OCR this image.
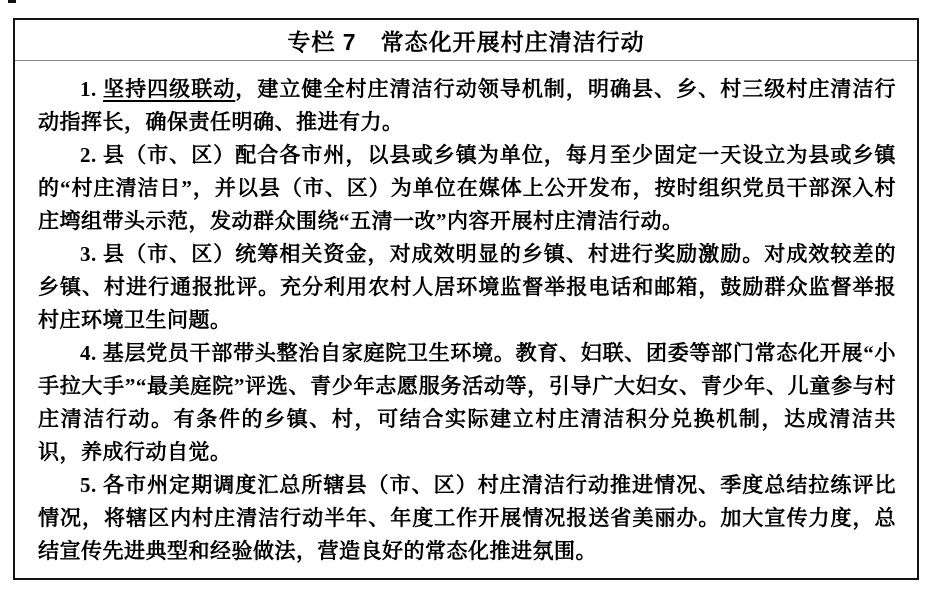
专栏 7　常态化开展村庄清洁行动

1. 坚持四级联动，建立健全村庄清洁行动领导机制，明确县、乡、村三级村庄清洁行动指挥长，确保责任明确、推进有力。

2. 县（市、区）配合各市州，以县或乡镇为单位，每月至少固定一天设立为县或乡镇的“村庄清洁日”，并以县（市、区）为单位在媒体上公开发布，按时组织党员干部深入村庄塆组带头示范，发动群众围绕“五清一改”内容开展村庄清洁行动。

3. 县（市、区）统筹相关资金，对成效明显的乡镇、村进行奖励激励。对成效较差的乡镇、村进行通报批评。充分利用农村人居环境监督举报电话和邮箱，鼓励群众监督举报村庄环境卫生问题。

4. 基层党员干部带头整治自家庭院卫生环境。教育、妇联、团委等部门常态化开展“小手拉大手”“最美庭院”评选、青少年志愿服务活动等，引导广大妇女、青少年、儿童参与村庄清洁行动。有条件的乡镇、村，可结合实际建立村庄清洁积分兑换机制，达成清洁共识，养成行动自觉。

5. 各市州定期调度汇总所辖县（市、区）村庄清洁行动推进情况、季度总结拉练评比情况，将辖区内村庄清洁行动半年、年度工作开展情况报送省美丽办。加大宣传力度，总结宣传先进典型和经验做法，营造良好的常态化推进氛围。
